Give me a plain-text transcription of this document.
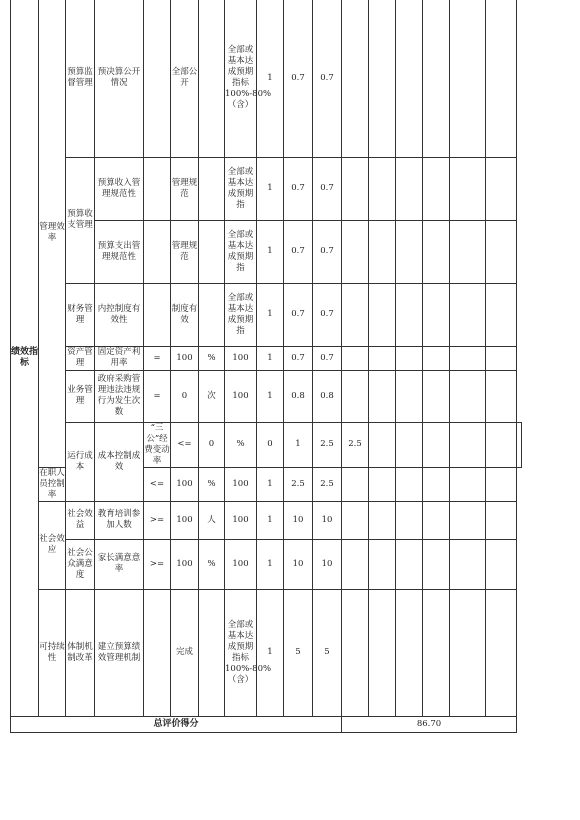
绩效指标	管理效率	预算监督管理	预决算公开情况		全部公开		全部或基本达成预期指标100%-80%（含）	1	0.7	0.7							
		预算收支管理	预算收入管理规范性		管理规范		全部或基本达成预期指	1	0.7	0.7							
			预算支出管理规范性		管理规范		全部或基本达成预期指	1	0.7	0.7							
		财务管理	内控制度有效性		制度有效		全部或基本达成预期指	1	0.7	0.7							
		资产管理	固定资产利用率	=	100	%	100	1	0.7	0.7							
		业务管理	政府采购管理违法违规行为发生次数	=	0	次	100	1	0.8	0.8							
		运行成本	成本控制成效	“三公”经费变动率	<=	0	%	0	1	2.5	2.5						
	在职人员控制率			<=	100	%	100	1	2.5	2.5							
	社会效应	社会效益	教育培训参加人数	>=	100	人	100	1	10	10							
		社会公众满意度	家长满意意率	>=	100	%	100	1	10	10							
	可持续性	体制机制改革	建立预算绩效管理机制		完成		全部或基本达成预期指标100%-80%（含）	1	5	5							
总评价得分											86.70						
